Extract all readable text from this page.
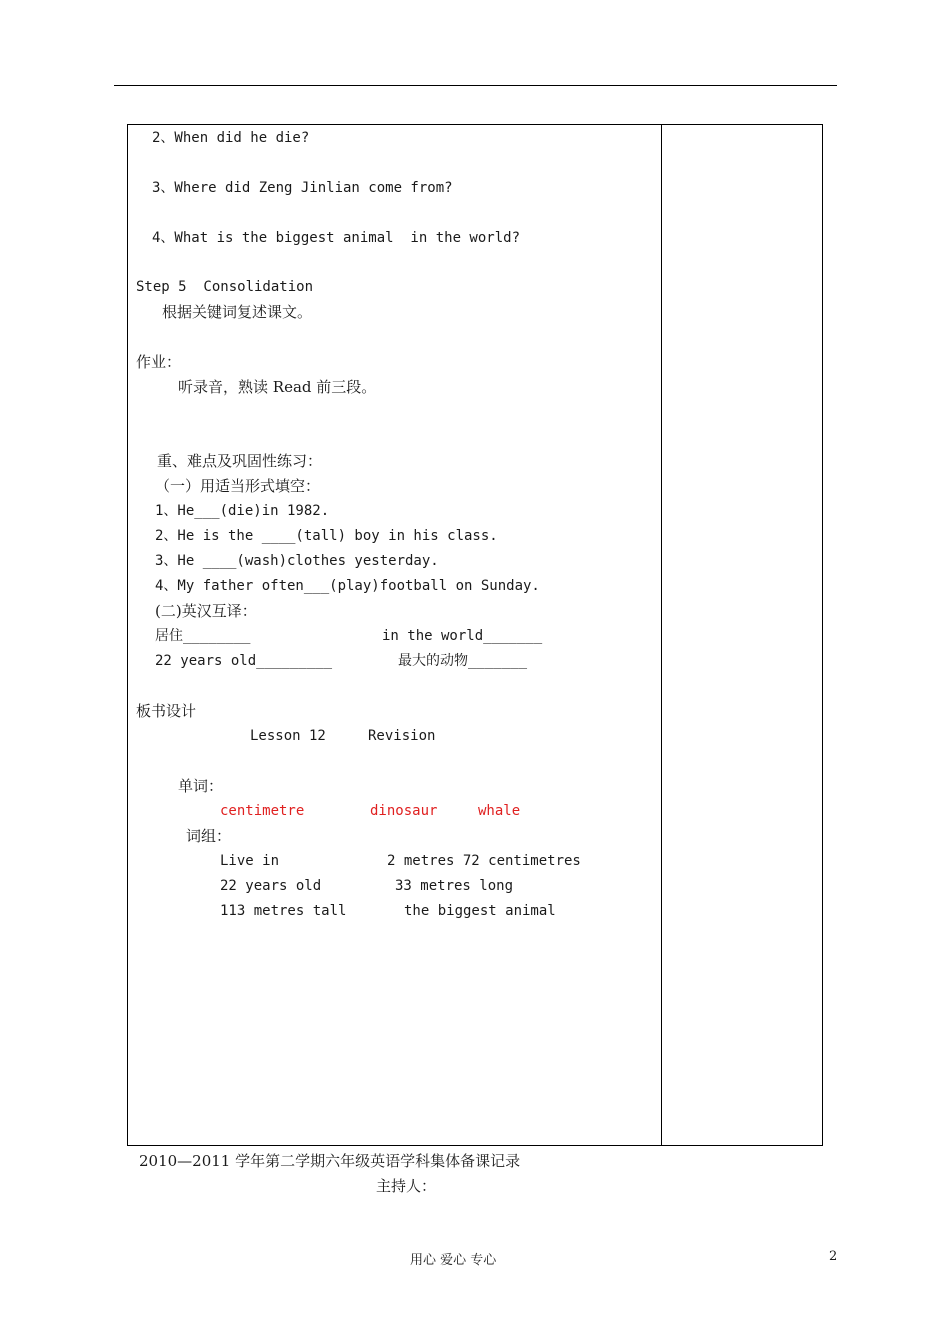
2、When did he die?
3、Where did Zeng Jinlian come from?
4、What is the biggest animal  in the world?
Step 5  Consolidation
根据关键词复述课文。
作业：
听录音，熟读 Read 前三段。
重、难点及巩固性练习：
（一）用适当形式填空：
1、He___(die)in 1982.
2、He is the ____(tall) boy in his class.
3、He ____(wash)clothes yesterday.
4、My father often___(play)football on Sunday.
(二)英汉互译：
居住________	in the world_______
22 years old_________	最大的动物_______
板书设计
Lesson 12     Revision
单词：
centimetre	dinosaur	whale
词组：
Live in	2 metres 72 centimetres
22 years old	33 metres long
113 metres tall	the biggest animal
2010—2011 学年第二学期六年级英语学科集体备课记录
主持人：
用心 爱心 专心	2
